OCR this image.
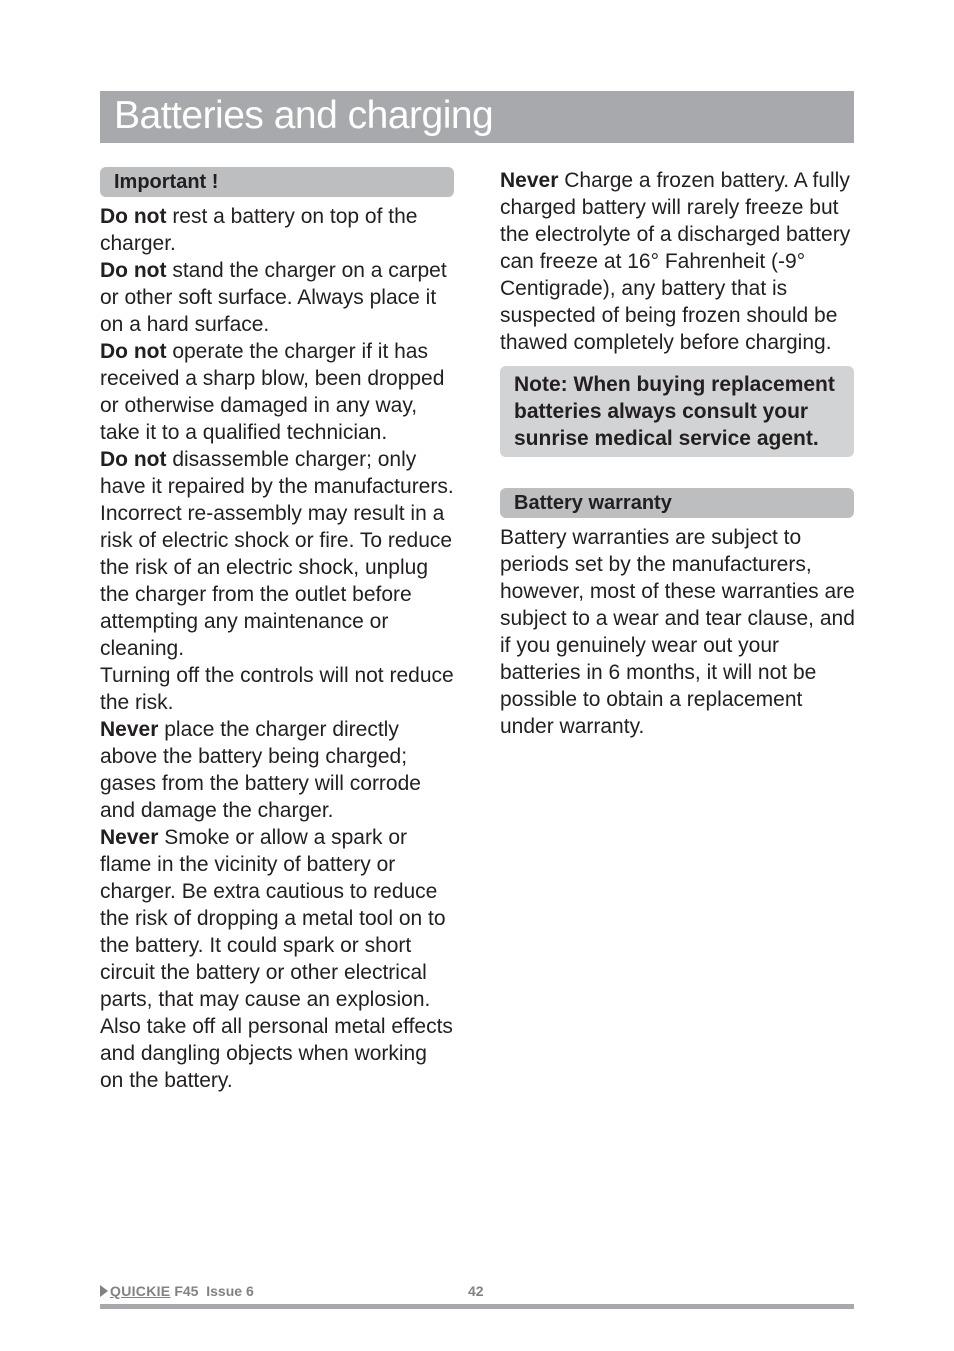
Batteries and charging
Important !
Do not rest a battery on top of the charger.
Do not stand the charger on a carpet or other soft surface. Always place it on a hard surface.
Do not operate the charger if it has received a sharp blow, been dropped or otherwise damaged in any way, take it to a qualified technician.
Do not disassemble charger; only have it repaired by the manufacturers. Incorrect re-assembly may result in a risk of electric shock or fire. To reduce the risk of an electric shock, unplug the charger from the outlet before attempting any maintenance or cleaning.
Turning off the controls will not reduce the risk.
Never place the charger directly above the battery being charged; gases from the battery will corrode and damage the charger.
Never Smoke or allow a spark or flame in the vicinity of battery or charger. Be extra cautious to reduce the risk of dropping a metal tool on to the battery. It could spark or short circuit the battery or other electrical parts, that may cause an explosion. Also take off all personal metal effects and dangling objects when working on the battery.
Never Charge a frozen battery. A fully charged battery will rarely freeze but the electrolyte of a discharged battery can freeze at 16° Fahrenheit (-9° Centigrade), any battery that is suspected of being frozen should be thawed completely before charging.
Note: When buying replacement
batteries always consult your
sunrise medical service agent.
Battery warranty
Battery warranties are subject to periods set by the manufacturers, however, most of these warranties are subject to a wear and tear clause, and if you genuinely wear out your batteries in 6 months, it will not be possible to obtain a replacement under warranty.
QUICKIE F45 Issue 6	42
